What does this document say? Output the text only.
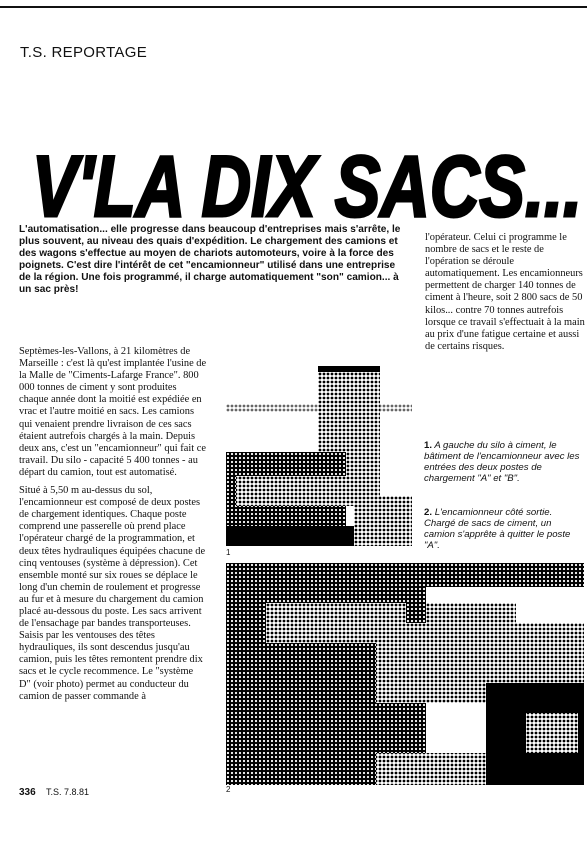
T.S. REPORTAGE
V'LA DIX SACS...
L'automatisation... elle progresse dans beaucoup d'entreprises mais s'arrête, le plus souvent, au niveau des quais d'expédition. Le chargement des camions et des wagons s'effectue au moyen de chariots automoteurs, voire à la force des poignets. C'est dire l'intérêt de cet "encamionneur" utilisé dans une entreprise de la région. Une fois programmé, il charge automatiquement "son" camion... à un sac près!

Septèmes-les-Vallons, à 21 kilomètres de Marseille : c'est là qu'est implantée l'usine de la Malle de "Ciments-Lafarge France". 800 000 tonnes de ciment y sont produites chaque année dont la moitié est expédiée en vrac et l'autre moitié en sacs. Les camions qui venaient prendre livraison de ces sacs étaient autrefois chargés à la main. Depuis deux ans, c'est un "encamionneur" qui fait ce travail. Du silo - capacité 5 400 tonnes - au départ du camion, tout est automatisé.

Situé à 5,50 m au-dessus du sol, l'encamionneur est composé de deux postes de chargement identiques. Chaque poste comprend une passerelle où prend place l'opérateur chargé de la programmation, et deux têtes hydrauliques équipées chacune de cinq ventouses (système à dépression). Cet ensemble monté sur six roues se déplace le long d'un chemin de roulement et progresse au fur et à mesure du chargement du camion placé au-dessous du poste. Les sacs arrivent de l'ensachage par bandes transporteuses. Saisis par les ventouses des têtes hydrauliques, ils sont descendus jusqu'au camion, puis les têtes remontent prendre dix sacs et le cycle recommence. Le "système D" (voir photo) permet au conducteur du camion de passer commande à

l'opérateur. Celui ci programme le nombre de sacs et le reste de l'opération se déroule automatiquement. Les encamionneurs permettent de charger 140 tonnes de ciment à l'heure, soit 2 800 sacs de 50 kilos... contre 70 tonnes autrefois lorsque ce travail s'effectuait à la main au prix d'une fatigue certaine et aussi de certains risques.

1
2
1. A gauche du silo à ciment, le bâtiment de l'encamionneur avec les entrées des deux postes de chargement "A" et "B".
2. L'encamionneur côté sortie. Chargé de sacs de ciment, un camion s'apprête à quitter le poste "A".
336 T.S. 7.8.81
